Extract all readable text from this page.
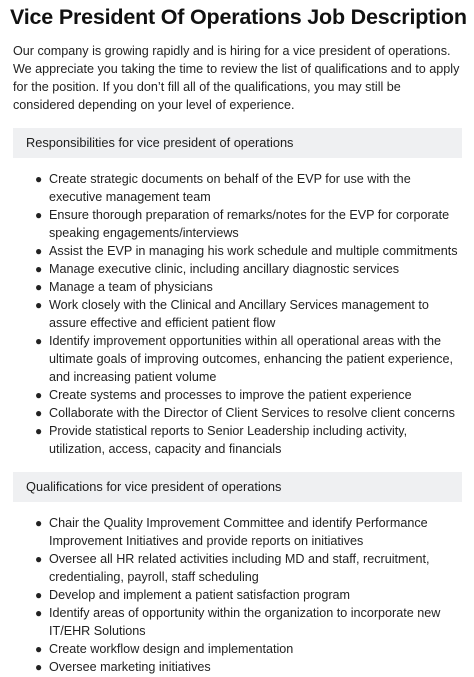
Vice President Of Operations Job Description

Our company is growing rapidly and is hiring for a vice president of operations. We appreciate you taking the time to review the list of qualifications and to apply for the position. If you don’t fill all of the qualifications, you may still be considered depending on your level of experience.

Responsibilities for vice president of operations
● Create strategic documents on behalf of the EVP for use with the executive management team
● Ensure thorough preparation of remarks/notes for the EVP for corporate speaking engagements/interviews
● Assist the EVP in managing his work schedule and multiple commitments
● Manage executive clinic, including ancillary diagnostic services
● Manage a team of physicians
● Work closely with the Clinical and Ancillary Services management to assure effective and efficient patient flow
● Identify improvement opportunities within all operational areas with the ultimate goals of improving outcomes, enhancing the patient experience, and increasing patient volume
● Create systems and processes to improve the patient experience
● Collaborate with the Director of Client Services to resolve client concerns
● Provide statistical reports to Senior Leadership including activity, utilization, access, capacity and financials
Qualifications for vice president of operations
● Chair the Quality Improvement Committee and identify Performance Improvement Initiatives and provide reports on initiatives
● Oversee all HR related activities including MD and staff, recruitment, credentialing, payroll, staff scheduling
● Develop and implement a patient satisfaction program
● Identify areas of opportunity within the organization to incorporate new IT/EHR Solutions
● Create workflow design and implementation
● Oversee marketing initiatives
